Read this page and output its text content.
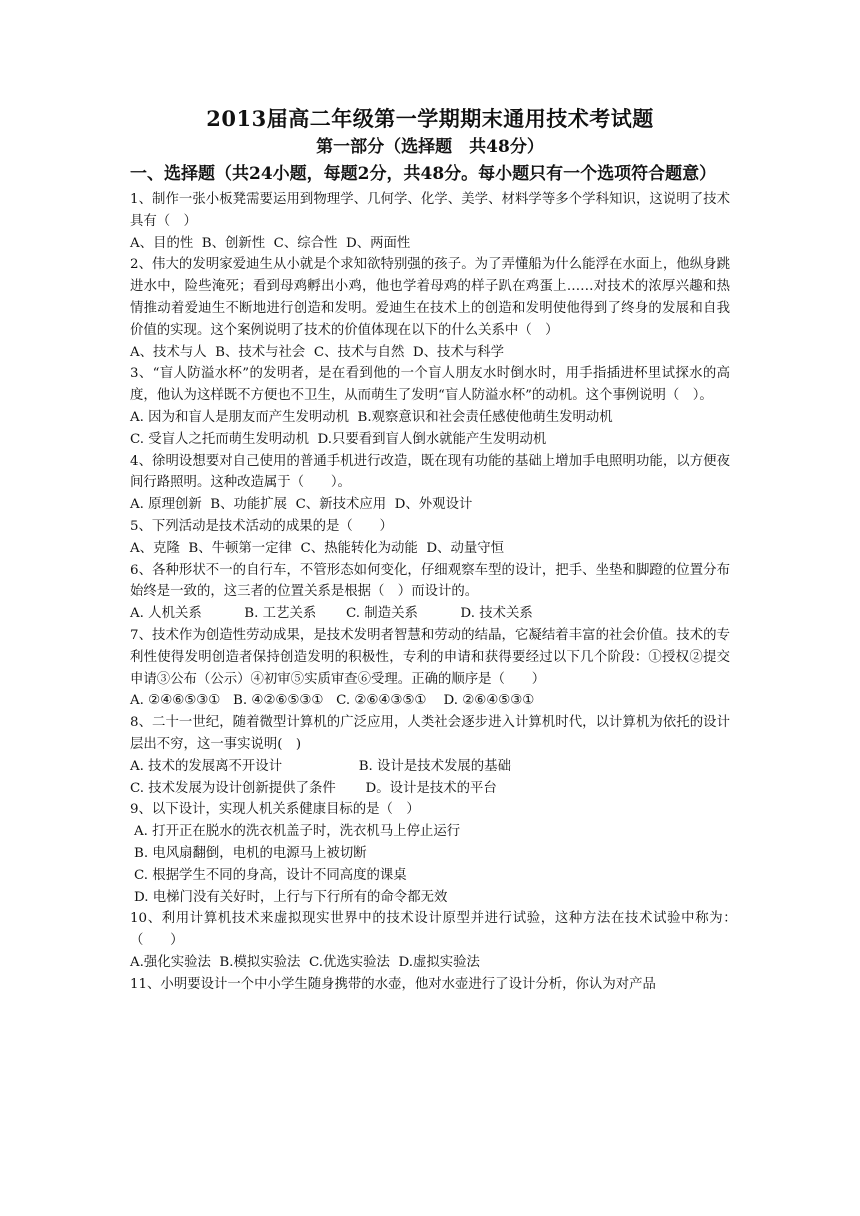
2013届高二年级第一学期期末通用技术考试题
第一部分（选择题　共48分）
一、选择题（共24小题，每题2分，共48分。每小题只有一个选项符合题意）

1、制作一张小板凳需要运用到物理学、几何学、化学、美学、材料学等多个学科知识，这说明了技术具有（　）

A、目的性  B、创新性  C、综合性  D、两面性

2、伟大的发明家爱迪生从小就是个求知欲特别强的孩子。为了弄懂船为什么能浮在水面上，他纵身跳进水中，险些淹死；看到母鸡孵出小鸡，他也学着母鸡的样子趴在鸡蛋上……对技术的浓厚兴趣和热情推动着爱迪生不断地进行创造和发明。爱迪生在技术上的创造和发明使他得到了终身的发展和自我价值的实现。这个案例说明了技术的价值体现在以下的什么关系中（　）

A、技术与人  B、技术与社会  C、技术与自然  D、技术与科学

3、“盲人防溢水杯”的发明者，是在看到他的一个盲人朋友水时倒水时，用手指插进杯里试探水的高度，他认为这样既不方便也不卫生，从而萌生了发明“盲人防溢水杯”的动机。这个事例说明（　）。

A. 因为和盲人是朋友而产生发明动机  B.观察意识和社会责任感使他萌生发明动机

C. 受盲人之托而萌生发明动机  D.只要看到盲人倒水就能产生发明动机

4、徐明设想要对自己使用的普通手机进行改造，既在现有功能的基础上增加手电照明功能，以方便夜间行路照明。这种改造属于（　　）。

A. 原理创新  B、功能扩展  C、新技术应用  D、外观设计

5、下列活动是技术活动的成果的是（　　）

A、克隆  B、牛顿第一定律  C、热能转化为动能  D、动量守恒

6、各种形状不一的自行车，不管形态如何变化，仔细观察车型的设计，把手、坐垫和脚蹬的位置分布始终是一致的，这三者的位置关系是根据（　）而设计的。

A. 人机关系          B. 工艺关系       C. 制造关系          D. 技术关系

7、技术作为创造性劳动成果，是技术发明者智慧和劳动的结晶，它凝结着丰富的社会价值。技术的专利性使得发明创造者保持创造发明的积极性，专利的申请和获得要经过以下几个阶段：①授权②提交申请③公布（公示）④初审⑤实质审查⑥受理。正确的顺序是（　　）

A. ②④⑥⑤③①   B. ④②⑥⑤③①   C. ②⑥④③⑤①    D. ②⑥④⑤③①

8、二十一世纪，随着微型计算机的广泛应用，人类社会逐步进入计算机时代，以计算机为依托的设计层出不穷，这一事实说明(　)

A. 技术的发展离不开设计                  B. 设计是技术发展的基础

C. 技术发展为设计创新提供了条件       D。设计是技术的平台

9、以下设计，实现人机关系健康目标的是（　）

A. 打开正在脱水的洗衣机盖子时，洗衣机马上停止运行

B. 电风扇翻倒，电机的电源马上被切断

C. 根据学生不同的身高，设计不同高度的课桌

D. 电梯门没有关好时，上行与下行所有的命令都无效

10、利用计算机技术来虚拟现实世界中的技术设计原型并进行试验，这种方法在技术试验中称为：　（　　）

A.强化实验法  B.模拟实验法  C.优选实验法  D.虚拟实验法

11、小明要设计一个中小学生随身携带的水壶，他对水壶进行了设计分析，你认为对产品
